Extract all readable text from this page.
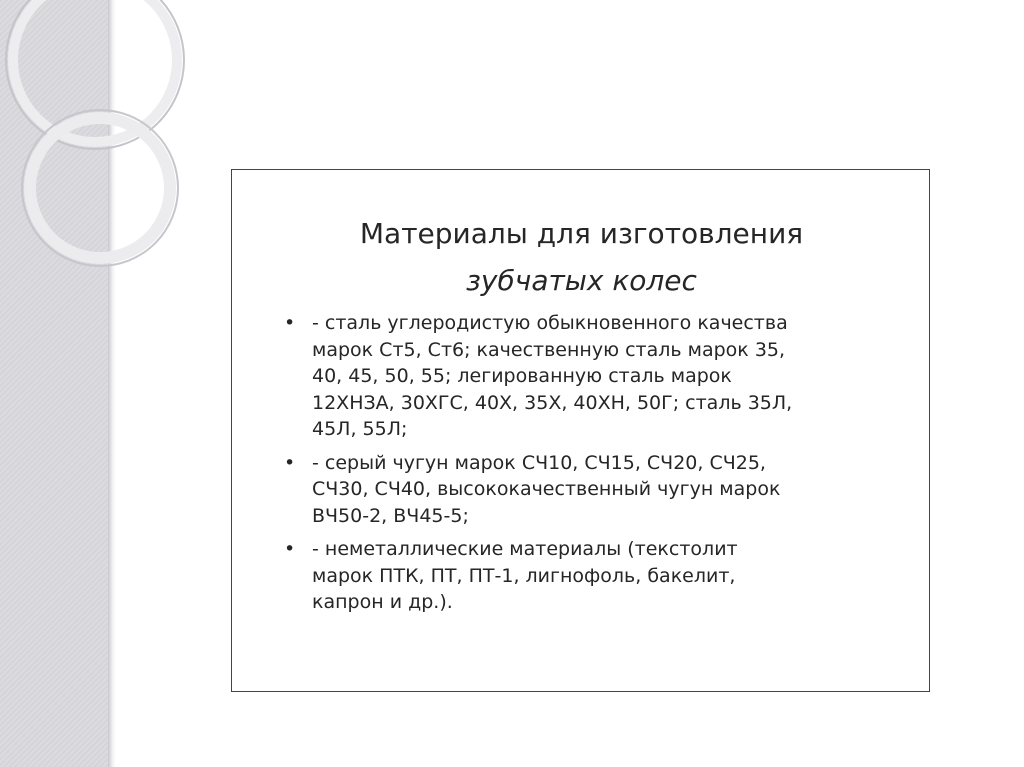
Материалы для изготовления

зубчатых колес

• - сталь углеродистую обыкновенного качества
марок Ст5, Ст6; качественную сталь марок 35,
40, 45, 50, 55; легированную сталь марок
12ХНЗА, 30ХГС, 40Х, 35Х, 40ХН, 50Г; сталь 35Л,
45Л, 55Л;
• - серый чугун марок СЧ10, СЧ15, СЧ20, СЧ25,
СЧ30, СЧ40, высококачественный чугун марок
ВЧ50-2, ВЧ45-5;
• - неметаллические материалы (текстолит
марок ПТК, ПТ, ПТ-1, лигнофоль, бакелит,
капрон и др.).
